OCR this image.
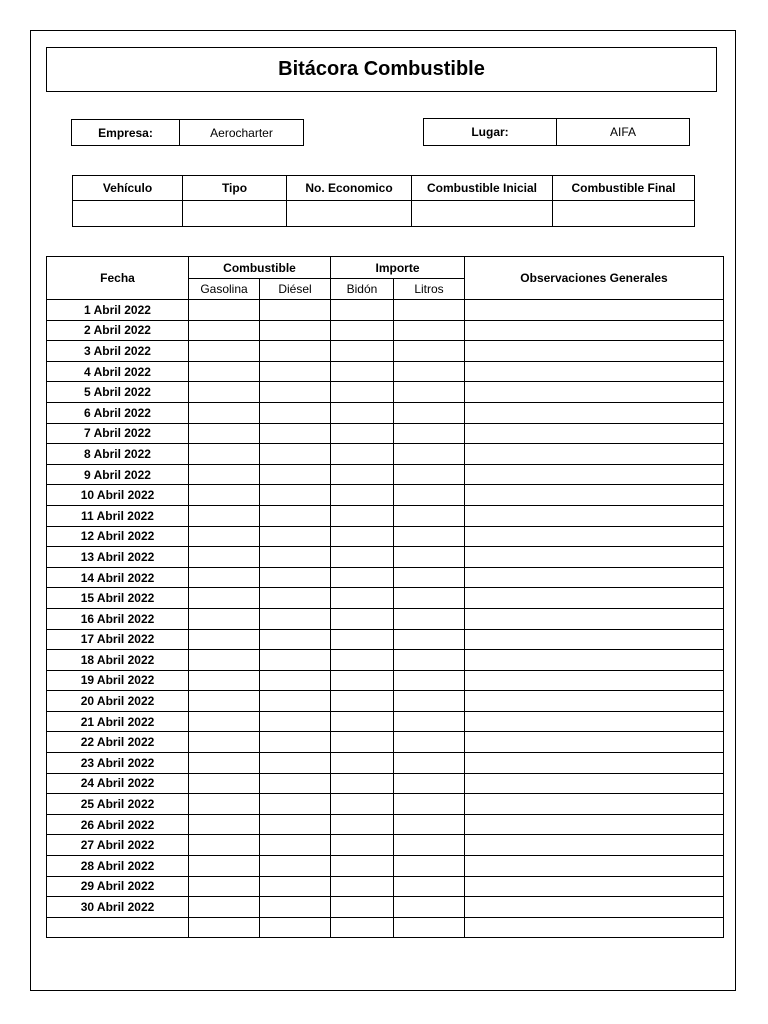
Bitácora Combustible
Empresa:	Aerocharter	Lugar:	AIFA
Vehículo	Tipo	No. Economico	Combustible Inicial	Combustible Final

Fecha	Combustible		Importe		Observaciones Generales
	Gasolina	Diésel	Bidón	Litros	
1 Abril 2022					
2 Abril 2022					
3 Abril 2022					
4 Abril 2022					
5 Abril 2022					
6 Abril 2022					
7 Abril 2022					
8 Abril 2022					
9 Abril 2022					
10 Abril 2022					
11 Abril 2022					
12 Abril 2022					
13 Abril 2022					
14 Abril 2022					
15 Abril 2022					
16 Abril 2022					
17 Abril 2022					
18 Abril 2022					
19 Abril 2022					
20 Abril 2022					
21 Abril 2022					
22 Abril 2022					
23 Abril 2022					
24 Abril 2022					
25 Abril 2022					
26 Abril 2022					
27 Abril 2022					
28 Abril 2022					
29 Abril 2022					
30 Abril 2022					
